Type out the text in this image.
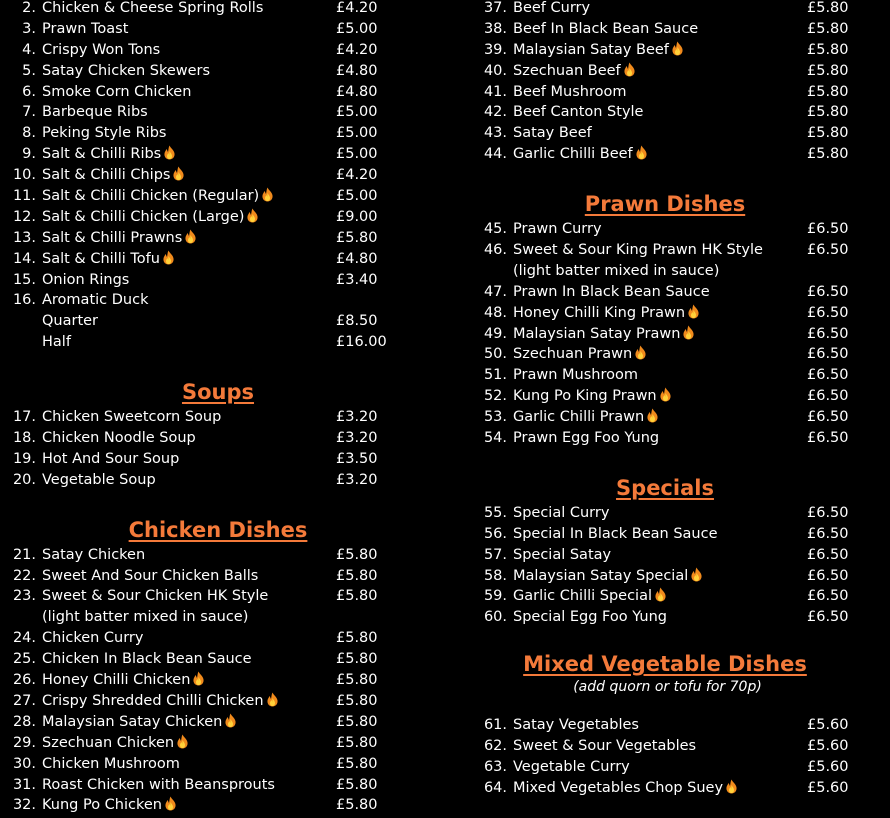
2. Chicken & Cheese Spring Rolls	£4.20
3. Prawn Toast	£5.00
4. Crispy Won Tons	£4.20
5. Satay Chicken Skewers	£4.80
6. Smoke Corn Chicken	£4.80
7. Barbeque Ribs	£5.00
8. Peking Style Ribs	£5.00
9. Salt & Chilli Ribs	£5.00
10. Salt & Chilli Chips	£4.20
11. Salt & Chilli Chicken (Regular)	£5.00
12. Salt & Chilli Chicken (Large)	£9.00
13. Salt & Chilli Prawns	£5.80
14. Salt & Chilli Tofu	£4.80
15. Onion Rings	£3.40
16. Aromatic Duck
Quarter	£8.50
Half	£16.00
Soups
17. Chicken Sweetcorn Soup	£3.20
18. Chicken Noodle Soup	£3.20
19. Hot And Sour Soup	£3.50
20. Vegetable Soup	£3.20
Chicken Dishes
21. Satay Chicken	£5.80
22. Sweet And Sour Chicken Balls	£5.80
23. Sweet & Sour Chicken HK Style	£5.80
(light batter mixed in sauce)
24. Chicken Curry	£5.80
25. Chicken In Black Bean Sauce	£5.80
26. Honey Chilli Chicken	£5.80
27. Crispy Shredded Chilli Chicken	£5.80
28. Malaysian Satay Chicken	£5.80
29. Szechuan Chicken	£5.80
30. Chicken Mushroom	£5.80
31. Roast Chicken with Beansprouts	£5.80
32. Kung Po Chicken	£5.80
37. Beef Curry	£5.80
38. Beef In Black Bean Sauce	£5.80
39. Malaysian Satay Beef	£5.80
40. Szechuan Beef	£5.80
41. Beef Mushroom	£5.80
42. Beef Canton Style	£5.80
43. Satay Beef	£5.80
44. Garlic Chilli Beef	£5.80
Prawn Dishes
45. Prawn Curry	£6.50
46. Sweet & Sour King Prawn HK Style	£6.50
(light batter mixed in sauce)
47. Prawn In Black Bean Sauce	£6.50
48. Honey Chilli King Prawn	£6.50
49. Malaysian Satay Prawn	£6.50
50. Szechuan Prawn	£6.50
51. Prawn Mushroom	£6.50
52. Kung Po King Prawn	£6.50
53. Garlic Chilli Prawn	£6.50
54. Prawn Egg Foo Yung	£6.50
Specials
55. Special Curry	£6.50
56. Special In Black Bean Sauce	£6.50
57. Special Satay	£6.50
58. Malaysian Satay Special	£6.50
59. Garlic Chilli Special	£6.50
60. Special Egg Foo Yung	£6.50
Mixed Vegetable Dishes
(add quorn or tofu for 70p)
61. Satay Vegetables	£5.60
62. Sweet & Sour Vegetables	£5.60
63. Vegetable Curry	£5.60
64. Mixed Vegetables Chop Suey	£5.60
